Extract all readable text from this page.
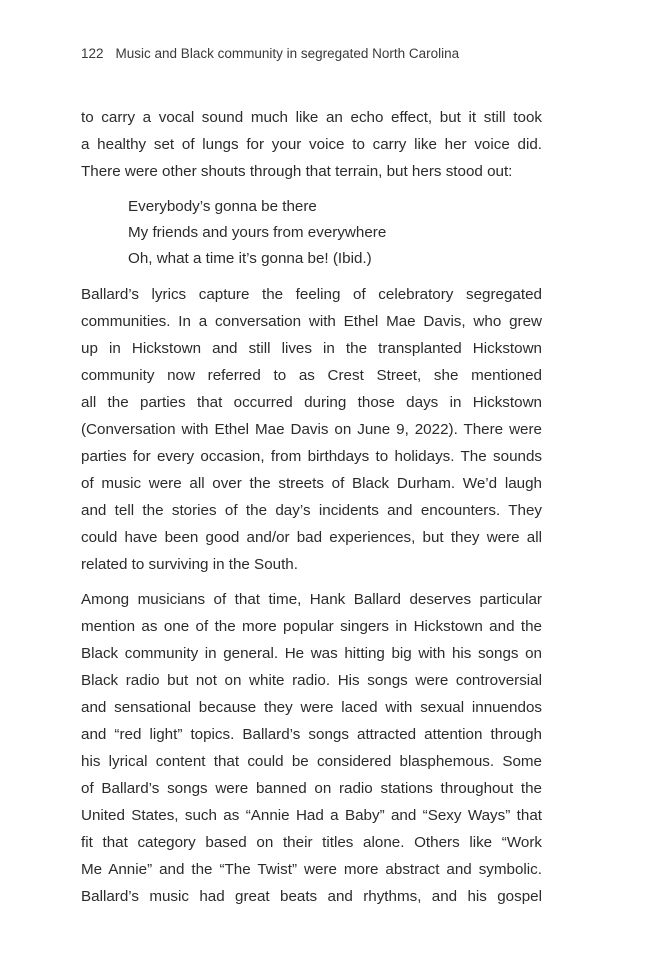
122 Music and Black community in segregated North Carolina

to carry a vocal sound much like an echo effect, but it still took
a healthy set of lungs for your voice to carry like her voice did.
There were other shouts through that terrain, but hers stood out:

Everybody’s gonna be there
My friends and yours from everywhere
Oh, what a time it’s gonna be! (Ibid.)

Ballard’s lyrics capture the feeling of celebratory segregated
communities. In a conversation with Ethel Mae Davis, who grew
up in Hickstown and still lives in the transplanted Hickstown
community now referred to as Crest Street, she mentioned
all the parties that occurred during those days in Hickstown
(Conversation with Ethel Mae Davis on June 9, 2022). There were
parties for every occasion, from birthdays to holidays. The sounds
of music were all over the streets of Black Durham. We’d laugh
and tell the stories of the day’s incidents and encounters. They
could have been good and/or bad experiences, but they were all
related to surviving in the South.

Among musicians of that time, Hank Ballard deserves particular
mention as one of the more popular singers in Hickstown and the
Black community in general. He was hitting big with his songs on
Black radio but not on white radio. His songs were controversial
and sensational because they were laced with sexual innuendos
and “red light” topics. Ballard’s songs attracted attention through
his lyrical content that could be considered blasphemous. Some
of Ballard’s songs were banned on radio stations throughout the
United States, such as “Annie Had a Baby” and “Sexy Ways” that
fit that category based on their titles alone. Others like “Work
Me Annie” and the “The Twist” were more abstract and symbolic.
Ballard’s music had great beats and rhythms, and his gospel
